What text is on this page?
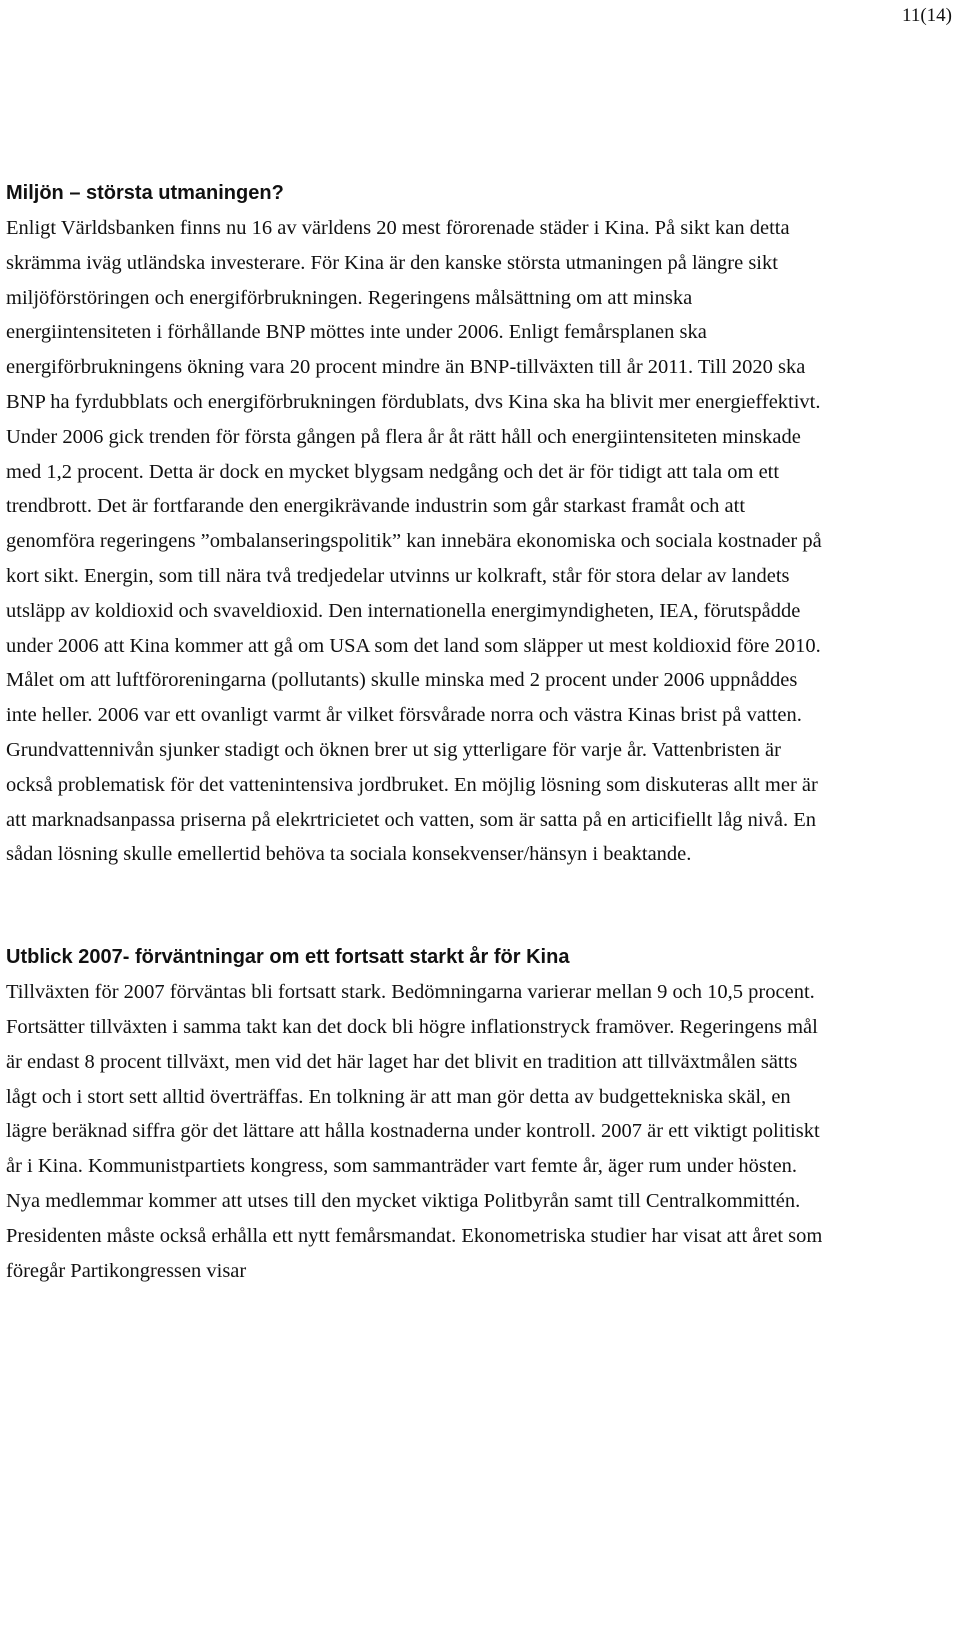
11(14)
Miljön – största utmaningen?

Enligt Världsbanken finns nu 16 av världens 20 mest förorenade städer i Kina. På sikt kan detta skrämma iväg utländska investerare. För Kina är den kanske största utmaningen på längre sikt miljöförstöringen och energiförbrukningen. Regeringens målsättning om att minska energiintensiteten i förhållande BNP möttes inte under 2006. Enligt femårsplanen ska energiförbrukningens ökning vara 20 procent mindre än BNP-tillväxten till år 2011. Till 2020 ska BNP ha fyrdubblats och energiförbrukningen fördublats, dvs Kina ska ha blivit mer energieffektivt. Under 2006 gick trenden för första gången på flera år åt rätt håll och energiintensiteten minskade med 1,2 procent. Detta är dock en mycket blygsam nedgång och det är för tidigt att tala om ett trendbrott. Det är fortfarande den energikrävande industrin som går starkast framåt och att genomföra regeringens ”ombalanseringspolitik” kan innebära ekonomiska och sociala kostnader på kort sikt. Energin, som till nära två tredjedelar utvinns ur kolkraft, står för stora delar av landets utsläpp av koldioxid och svaveldioxid. Den internationella energimyndigheten, IEA, förutspådde under 2006 att Kina kommer att gå om USA som det land som släpper ut mest koldioxid före 2010. Målet om att luftföroreningarna (pollutants) skulle minska med 2 procent under 2006 uppnåddes inte heller. 2006 var ett ovanligt varmt år vilket försvårade norra och västra Kinas brist på vatten. Grundvattennivån sjunker stadigt och öknen brer ut sig ytterligare för varje år. Vattenbristen är också problematisk för det vattenintensiva jordbruket. En möjlig lösning som diskuteras allt mer är att marknadsanpassa priserna på elekrtricietet och vatten, som är satta på en articifiellt låg nivå. En sådan lösning skulle emellertid behöva ta sociala konsekvenser/hänsyn i beaktande.

Utblick 2007- förväntningar om ett fortsatt starkt år för Kina

Tillväxten för 2007 förväntas bli fortsatt stark. Bedömningarna varierar mellan 9 och 10,5 procent. Fortsätter tillväxten i samma takt kan det dock bli högre inflationstryck framöver. Regeringens mål är endast 8 procent tillväxt, men vid det här laget har det blivit en tradition att tillväxtmålen sätts lågt och i stort sett alltid överträffas. En tolkning är att man gör detta av budgettekniska skäl, en lägre beräknad siffra gör det lättare att hålla kostnaderna under kontroll. 2007 är ett viktigt politiskt år i Kina. Kommunistpartiets kongress, som sammanträder vart femte år, äger rum under hösten. Nya medlemmar kommer att utses till den mycket viktiga Politbyrån samt till Centralkommittén. Presidenten måste också erhålla ett nytt femårsmandat. Ekonometriska studier har visat att året som föregår Partikongressen visar
